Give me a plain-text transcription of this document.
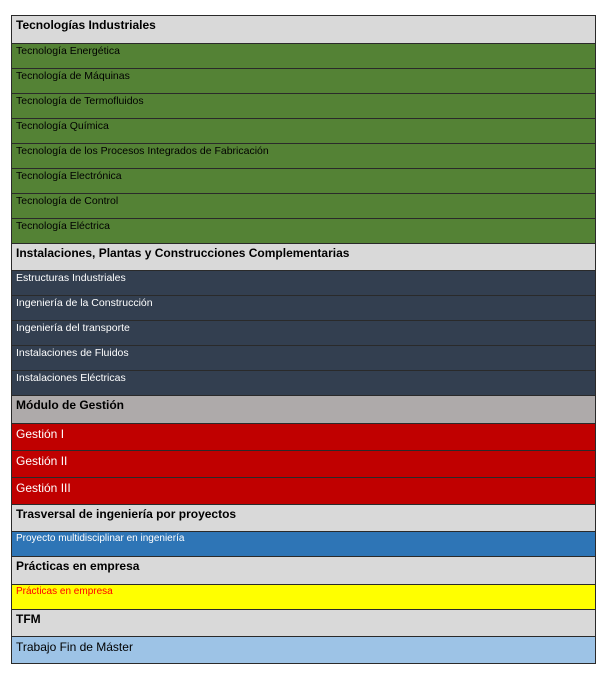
Tecnologías Industriales
Tecnología Energética
Tecnología de Máquinas
Tecnología de Termofluidos
Tecnología Química
Tecnología de los Procesos Integrados de Fabricación
Tecnología Electrónica
Tecnología de Control
Tecnología Eléctrica
Instalaciones, Plantas y Construcciones Complementarias
Estructuras Industriales
Ingeniería de la Construcción
Ingeniería del transporte
Instalaciones de Fluidos
Instalaciones Eléctricas
Módulo de Gestión
Gestión I
Gestión II
Gestión III
Trasversal de ingeniería por proyectos
Proyecto multidisciplinar en ingeniería
Prácticas en empresa
Prácticas en empresa
TFM
Trabajo Fin de Máster
